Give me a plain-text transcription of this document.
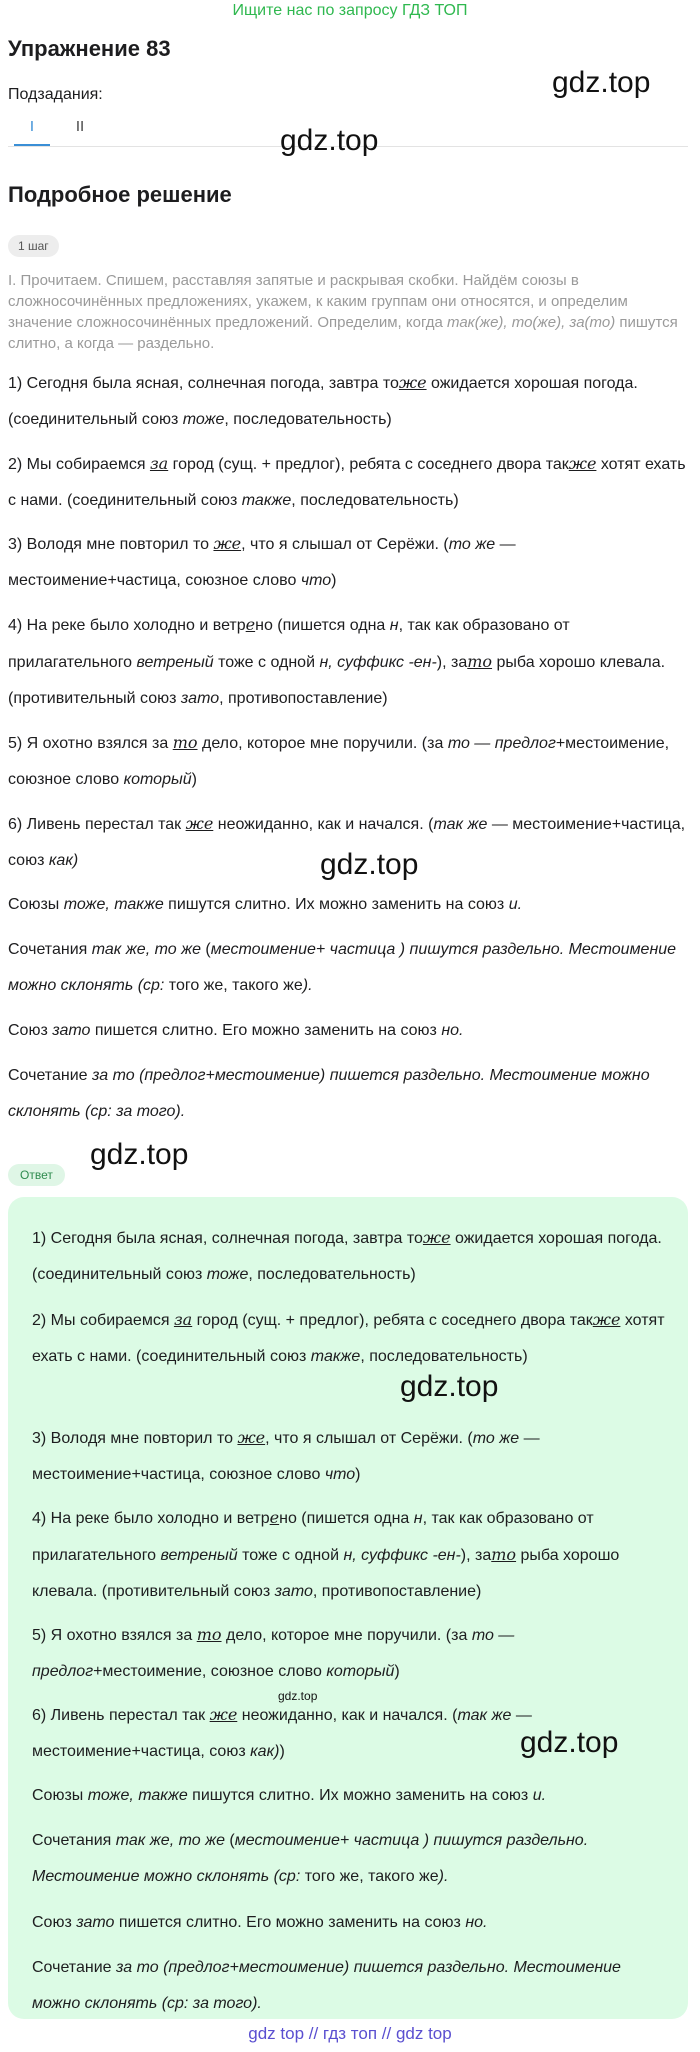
Ищите нас по запросу ГДЗ ТОП
Упражнение 83
Подзадания:
I	II
gdz.top
gdz.top
Подробное решение
1 шаг
I. Прочитаем. Спишем, расставляя запятые и раскрывая скобки. Найдём союзы в сложносочинённых предложениях, укажем, к каким группам они относятся, и определим значение сложносочинённых предложений. Определим, когда так(же), то(же), за(то) пишутся слитно, а когда — раздельно.
1) Сегодня была ясная, солнечная погода, завтра тоже ожидается хорошая погода. (соединительный союз тоже, последовательность)
2) Мы собираемся за город (сущ. + предлог), ребята с соседнего двора также хотят ехать с нами. (соединительный союз также, последовательность)
3) Володя мне повторил то же, что я слышал от Серёжи. (то же — местоимение+частица, союзное слово что)
4) На реке было холодно и ветрено (пишется одна н, так как образовано от прилагательного ветреный тоже с одной н, суффикс -ен-), зато рыба хорошо клевала. (противительный союз зато, противопоставление)
5) Я охотно взялся за то дело, которое мне поручили. (за то — предлог+местоимение, союзное слово который)
6) Ливень перестал так же неожиданно, как и начался. (так же — местоимение+частица, союз как)	gdz.top
Союзы тоже, также пишутся слитно. Их можно заменить на союз и.
Сочетания так же, то же (местоимение+ частица ) пишутся раздельно. Местоимение можно склонять (ср: того же, такого же).
Союз зато пишется слитно. Его можно заменить на союз но.
Сочетание за то (предлог+местоимение) пишется раздельно. Местоимение можно склонять (ср: за того).
gdz.top
Ответ
1) Сегодня была ясная, солнечная погода, завтра тоже ожидается хорошая погода. (соединительный союз тоже, последовательность)
2) Мы собираемся за город (сущ. + предлог), ребята с соседнего двора также хотят ехать с нами. (соединительный союз также, последовательность)
gdz.top
3) Володя мне повторил то же, что я слышал от Серёжи. (то же — местоимение+частица, союзное слово что)
4) На реке было холодно и ветрено (пишется одна н, так как образовано от прилагательного ветреный тоже с одной н, суффикс -ен-), зато рыба хорошо клевала. (противительный союз зато, противопоставление)
5) Я охотно взялся за то дело, которое мне поручили. (за то — предлог+местоимение, союзное слово который)
gdz.top
6) Ливень перестал так же неожиданно, как и начался. (так же — местоимение+частица, союз как))	gdz.top
Союзы тоже, также пишутся слитно. Их можно заменить на союз и.
Сочетания так же, то же (местоимение+ частица ) пишутся раздельно. Местоимение можно склонять (ср: того же, такого же).
Союз зато пишется слитно. Его можно заменить на союз но.
Сочетание за то (предлог+местоимение) пишется раздельно. Местоимение можно склонять (ср: за того).
gdz top // гдз топ // gdz top
